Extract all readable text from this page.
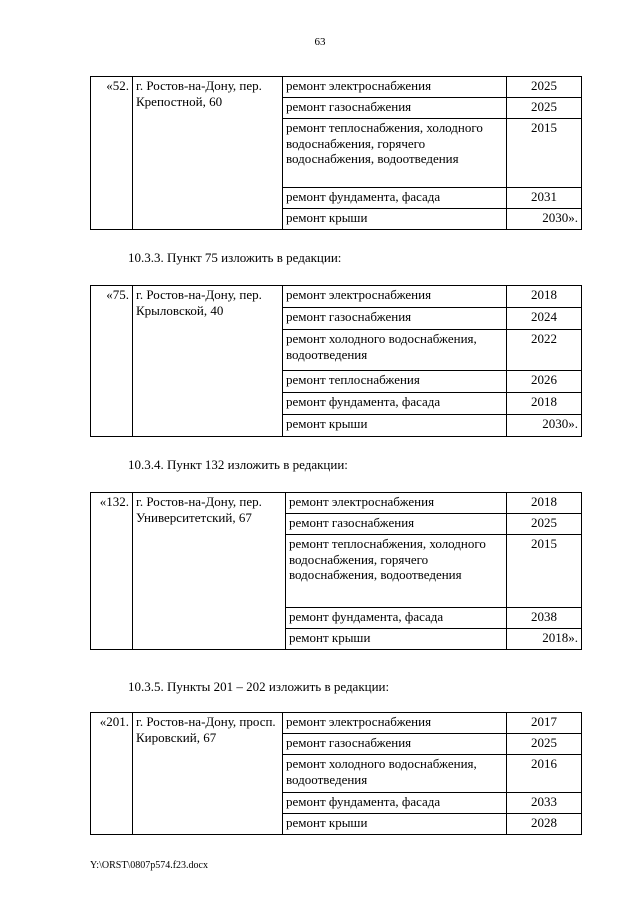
63
«52.	г. Ростов-на-Дону, пер. Крепостной, 60	ремонт электроснабжения	2025
		ремонт газоснабжения	2025
		ремонт теплоснабжения, холодного водоснабжения, горячего водоснабжения, водоотведения	2015
		ремонт фундамента, фасада	2031
		ремонт крыши	2030».
10.3.3. Пункт 75 изложить в редакции:
«75.	г. Ростов-на-Дону, пер. Крыловской, 40	ремонт электроснабжения	2018
		ремонт газоснабжения	2024
		ремонт холодного водоснабжения, водоотведения	2022
		ремонт теплоснабжения	2026
		ремонт фундамента, фасада	2018
		ремонт крыши	2030».
10.3.4. Пункт 132 изложить в редакции:
«132.	г. Ростов-на-Дону, пер. Университетский, 67	ремонт электроснабжения	2018
		ремонт газоснабжения	2025
		ремонт теплоснабжения, холодного водоснабжения, горячего водоснабжения, водоотведения	2015
		ремонт фундамента, фасада	2038
		ремонт крыши	2018».
10.3.5. Пункты 201 – 202 изложить в редакции:
«201.	г. Ростов-на-Дону, просп. Кировский, 67	ремонт электроснабжения	2017
		ремонт газоснабжения	2025
		ремонт холодного водоснабжения, водоотведения	2016
		ремонт фундамента, фасада	2033
		ремонт крыши	2028
Y:\ORST\0807p574.f23.docx
